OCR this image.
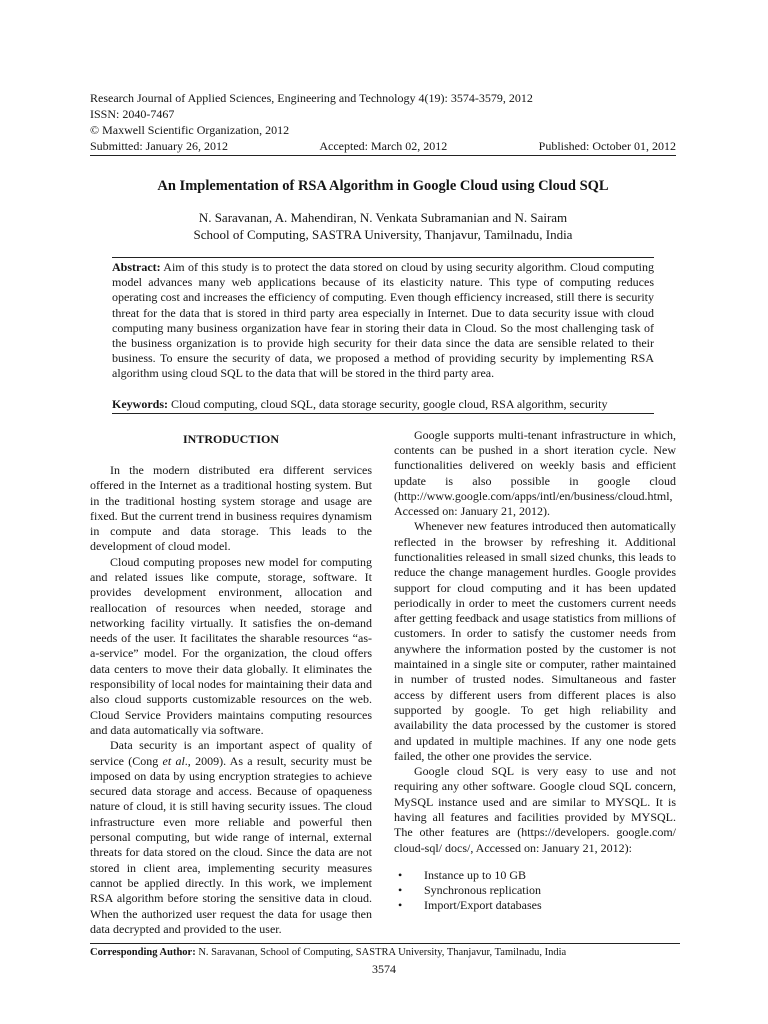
Research Journal of Applied Sciences, Engineering and Technology 4(19): 3574-3579, 2012
ISSN: 2040-7467
© Maxwell Scientific Organization, 2012
Submitted: January 26, 2012	Accepted: March 02, 2012	Published: October 01, 2012
An Implementation of RSA Algorithm in Google Cloud using Cloud SQL
N. Saravanan, A. Mahendiran, N. Venkata Subramanian and N. Sairam
School of Computing, SASTRA University, Thanjavur, Tamilnadu, India

Abstract: Aim of this study is to protect the data stored on cloud by using security algorithm. Cloud computing model advances many web applications because of its elasticity nature. This type of computing reduces operating cost and increases the efficiency of computing. Even though efficiency increased, still there is security threat for the data that is stored in third party area especially in Internet. Due to data security issue with cloud computing many business organization have fear in storing their data in Cloud. So the most challenging task of the business organization is to provide high security for their data since the data are sensible related to their business. To ensure the security of data, we proposed a method of providing security by implementing RSA algorithm using cloud SQL to the data that will be stored in the third party area.

Keywords: Cloud computing, cloud SQL, data storage security, google cloud, RSA algorithm, security
INTRODUCTION

In the modern distributed era different services offered in the Internet as a traditional hosting system. But in the traditional hosting system storage and usage are fixed. But the current trend in business requires dynamism in compute and data storage. This leads to the development of cloud model.

Cloud computing proposes new model for computing and related issues like compute, storage, software. It provides development environment, allocation and reallocation of resources when needed, storage and networking facility virtually. It satisfies the on-demand needs of the user. It facilitates the sharable resources “as-a-service” model. For the organization, the cloud offers data centers to move their data globally. It eliminates the responsibility of local nodes for maintaining their data and also cloud supports customizable resources on the web. Cloud Service Providers maintains computing resources and data automatically via software.

Data security is an important aspect of quality of service (Cong et al., 2009). As a result, security must be imposed on data by using encryption strategies to achieve secured data storage and access. Because of opaqueness nature of cloud, it is still having security issues. The cloud infrastructure even more reliable and powerful then personal computing, but wide range of internal, external threats for data stored on the cloud. Since the data are not stored in client area, implementing security measures cannot be applied directly. In this work, we implement RSA algorithm before storing the sensitive data in cloud. When the authorized user request the data for usage then data decrypted and provided to the user.

Google supports multi-tenant infrastructure in which, contents can be pushed in a short iteration cycle. New functionalities delivered on weekly basis and efficient update is also possible in google cloud (http://www.google.com/apps/intl/en/business/cloud.html, Accessed on: January 21, 2012).

Whenever new features introduced then automatically reflected in the browser by refreshing it. Additional functionalities released in small sized chunks, this leads to reduce the change management hurdles. Google provides support for cloud computing and it has been updated periodically in order to meet the customers current needs after getting feedback and usage statistics from millions of customers. In order to satisfy the customer needs from anywhere the information posted by the customer is not maintained in a single site or computer, rather maintained in number of trusted nodes. Simultaneous and faster access by different users from different places is also supported by google. To get high reliability and availability the data processed by the customer is stored and updated in multiple machines. If any one node gets failed, the other one provides the service.

Google cloud SQL is very easy to use and not requiring any other software. Google cloud SQL concern, MySQL instance used and are similar to MYSQL. It is having all features and facilities provided by MYSQL. The other features are (https://developers. google.com/ cloud-sql/ docs/, Accessed on: January 21, 2012):

•	Instance up to 10 GB
•	Synchronous replication
•	Import/Export databases
Corresponding Author: N. Saravanan, School of Computing, SASTRA University, Thanjavur, Tamilnadu, India
3574
